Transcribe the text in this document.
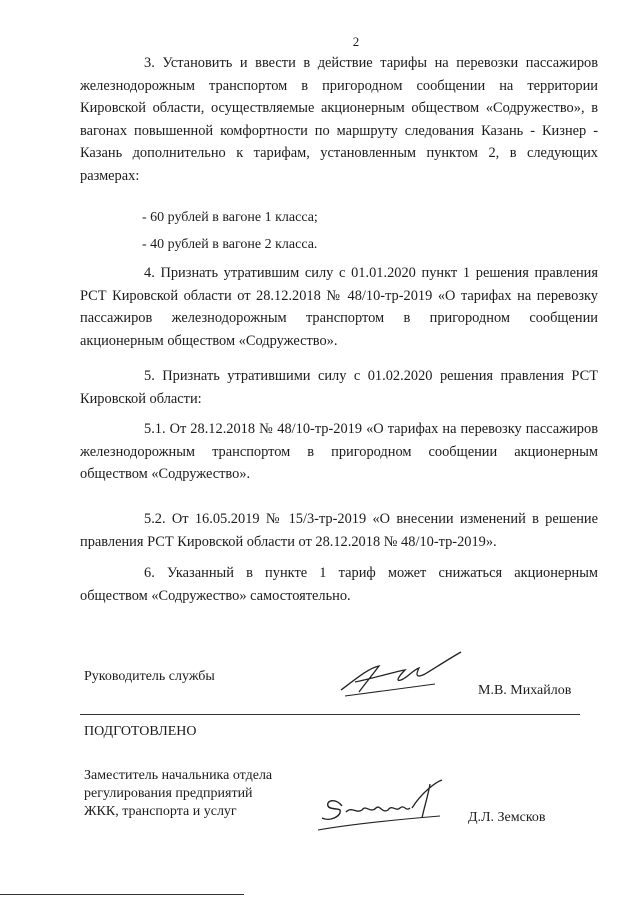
2

3. Установить и ввести в действие тарифы на перевозки пассажиров железнодорожным транспортом в пригородном сообщении на территории Кировской области, осуществляемые акционерным обществом «Содружество», в вагонах повышенной комфортности по маршруту следования Казань - Кизнер - Казань дополнительно к тарифам, установленным пунктом 2, в следующих размерах:

- 60 рублей в вагоне 1 класса;
- 40 рублей в вагоне 2 класса.

4. Признать утратившим силу с 01.01.2020 пункт 1 решения правления РСТ Кировской области от 28.12.2018 № 48/10-тр-2019 «О тарифах на перевозку пассажиров железнодорожным транспортом в пригородном сообщении акционерным обществом «Содружество».

5. Признать утратившими силу с 01.02.2020 решения правления РСТ Кировской области:

5.1. От 28.12.2018 № 48/10-тр-2019 «О тарифах на перевозку пассажиров железнодорожным транспортом в пригородном сообщении акционерным обществом «Содружество».

5.2. От 16.05.2019 № 15/3-тр-2019 «О внесении изменений в решение правления РСТ Кировской области от 28.12.2018 № 48/10-тр-2019».

6. Указанный в пункте 1 тариф может снижаться акционерным обществом «Содружество» самостоятельно.

Руководитель службы
М.В. Михайлов
ПОДГОТОВЛЕНО
Заместитель начальника отдела
регулирования предприятий
ЖКК, транспорта и услуг	Д.Л. Земсков
